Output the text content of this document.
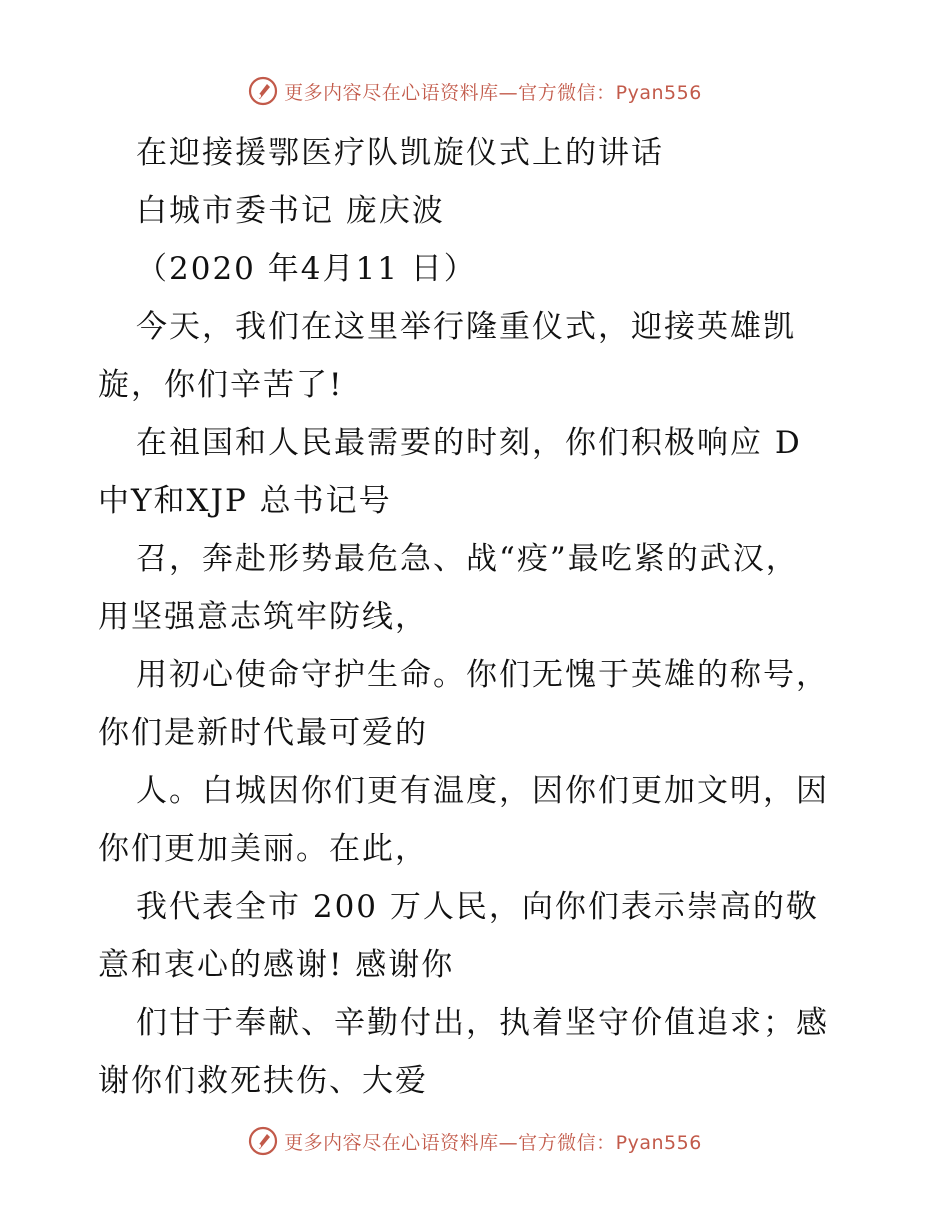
更多内容尽在心语资料库—官方微信：Pyan556
在迎接援鄂医疗队凯旋仪式上的讲话
白城市委书记 庞庆波
（2020 年4月11 日）
今天，我们在这里举行隆重仪式，迎接英雄凯
旋，你们辛苦了!
在祖国和人民最需要的时刻，你们积极响应 D
中Y和XJP 总书记号
召，奔赴形势最危急、战“疫”最吃紧的武汉，
用坚强意志筑牢防线，
用初心使命守护生命。你们无愧于英雄的称号，
你们是新时代最可爱的
人。白城因你们更有温度，因你们更加文明，因
你们更加美丽。在此，
我代表全市 200 万人民，向你们表示崇高的敬
意和衷心的感谢! 感谢你
们甘于奉献、辛勤付出，执着坚守价值追求；感
谢你们救死扶伤、大爱
更多内容尽在心语资料库—官方微信：Pyan556
